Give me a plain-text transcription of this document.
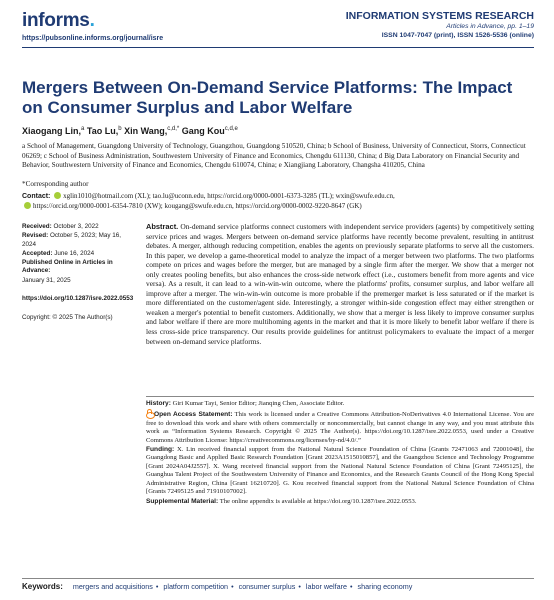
informs.
https://pubsonline.informs.org/journal/isre
INFORMATION SYSTEMS RESEARCH
Articles in Advance, pp. 1–19
ISSN 1047-7047 (print), ISSN 1526-5536 (online)
Mergers Between On-Demand Service Platforms: The Impact on Consumer Surplus and Labor Welfare
Xiaogang Lin,$^a$ Tao Lu,$^b$ Xin Wang,$^{c,d,*}$ Gang Kou$^{c,d,e}$
a School of Management, Guangdong University of Technology, Guangzhou, Guangdong 510520, China; b School of Business, University of Connecticut, Storrs, Connecticut 06269; c School of Business Administration, Southwestern University of Finance and Economics, Chengdu 611130, China; d Big Data Laboratory on Financial Security and Behavior, Southwestern University of Finance and Economics, Chengdu 610074, China; e Xiangjiang Laboratory, Changsha 410205, China
*Corresponding author
Contact: xglin1010@hotmail.com (XL); tao.lu@uconn.edu, https://orcid.org/0000-0001-6373-3285 (TL); wxin@swufe.edu.cn,
https://orcid.org/0000-0001-6354-7810 (XW); kougang@swufe.edu.cn, https://orcid.org/0000-0002-9220-8647 (GK)
Received: October 3, 2022
Revised: October 5, 2023; May 16, 2024
Accepted: June 16, 2024
Published Online in Articles in Advance:
January 31, 2025
https://doi.org/10.1287/isre.2022.0553
Copyright: © 2025 The Author(s)
Abstract. On-demand service platforms connect customers with independent service providers (agents) by competitively setting service prices and wages. Mergers between on-demand service platforms have recently become prevalent, resulting in antitrust debates. A merger, although reducing competition, enables the agents on previously separate platforms to serve all the customers. In this paper, we develop a game-theoretical model to analyze the impact of a merger between two platforms. The two platforms compete on prices and wages before the merger, but are managed by a single firm after the merger. We show that a merger not only creates pooling benefits, but also enhances the cross-side network effect (i.e., customers benefit from more agents and vice versa). As a result, it can lead to a win-win-win outcome, where the platforms' profits, consumer surplus, and labor welfare all improve after a merger. The win-win-win outcome is more probable if the premerger market is less saturated or if the market is more differentiated on the customer/agent side. Interestingly, a stronger within-side congestion effect may either strengthen or weaken a merger's potential to benefit customers. Additionally, we show that a merger is less likely to improve consumer surplus and labor welfare if there are more multihoming agents in the market and that it is more likely to benefit labor welfare if there is less cross-side price transparency. Our results provide guidelines for antitrust policymakers to evaluate the impact of a merger between on-demand service platforms.
History: Giri Kumar Tayi, Senior Editor; Jianqing Chen, Associate Editor.
Open Access Statement: This work is licensed under a Creative Commons Attribution-NoDerivatives 4.0 International License. You are free to download this work and share with others commercially or noncommercially, but cannot change in any way, and you must attribute this work as “Information Systems Research. Copyright © 2025 The Author(s). https://doi.org/10.1287/isre.2022.0553, used under a Creative Commons Attribution License: https://creativecommons.org/licenses/by-nd/4.0/.”
Funding: X. Lin received financial support from the National Natural Science Foundation of China [Grants 72471063 and 72001048], the Guangdong Basic and Applied Basic Research Foundation [Grant 2023A1515010857], and the Guangzhou Science and Technology Programme [Grant 2024A04J2557]. X. Wang received financial support from the National Natural Science Foundation of China [Grant 72495125], the Guanghua Talent Project of the Southwestern University of Finance and Economics, and the Research Grants Council of the Hong Kong Special Administrative Region, China [Grant 16210720]. G. Kou received financial support from the National Natural Science Foundation of China [Grants 72495125 and 71910107002].
Supplemental Material: The online appendix is available at https://doi.org/10.1287/isre.2022.0553.
Keywords: mergers and acquisitions • platform competition • consumer surplus • labor welfare • sharing economy
